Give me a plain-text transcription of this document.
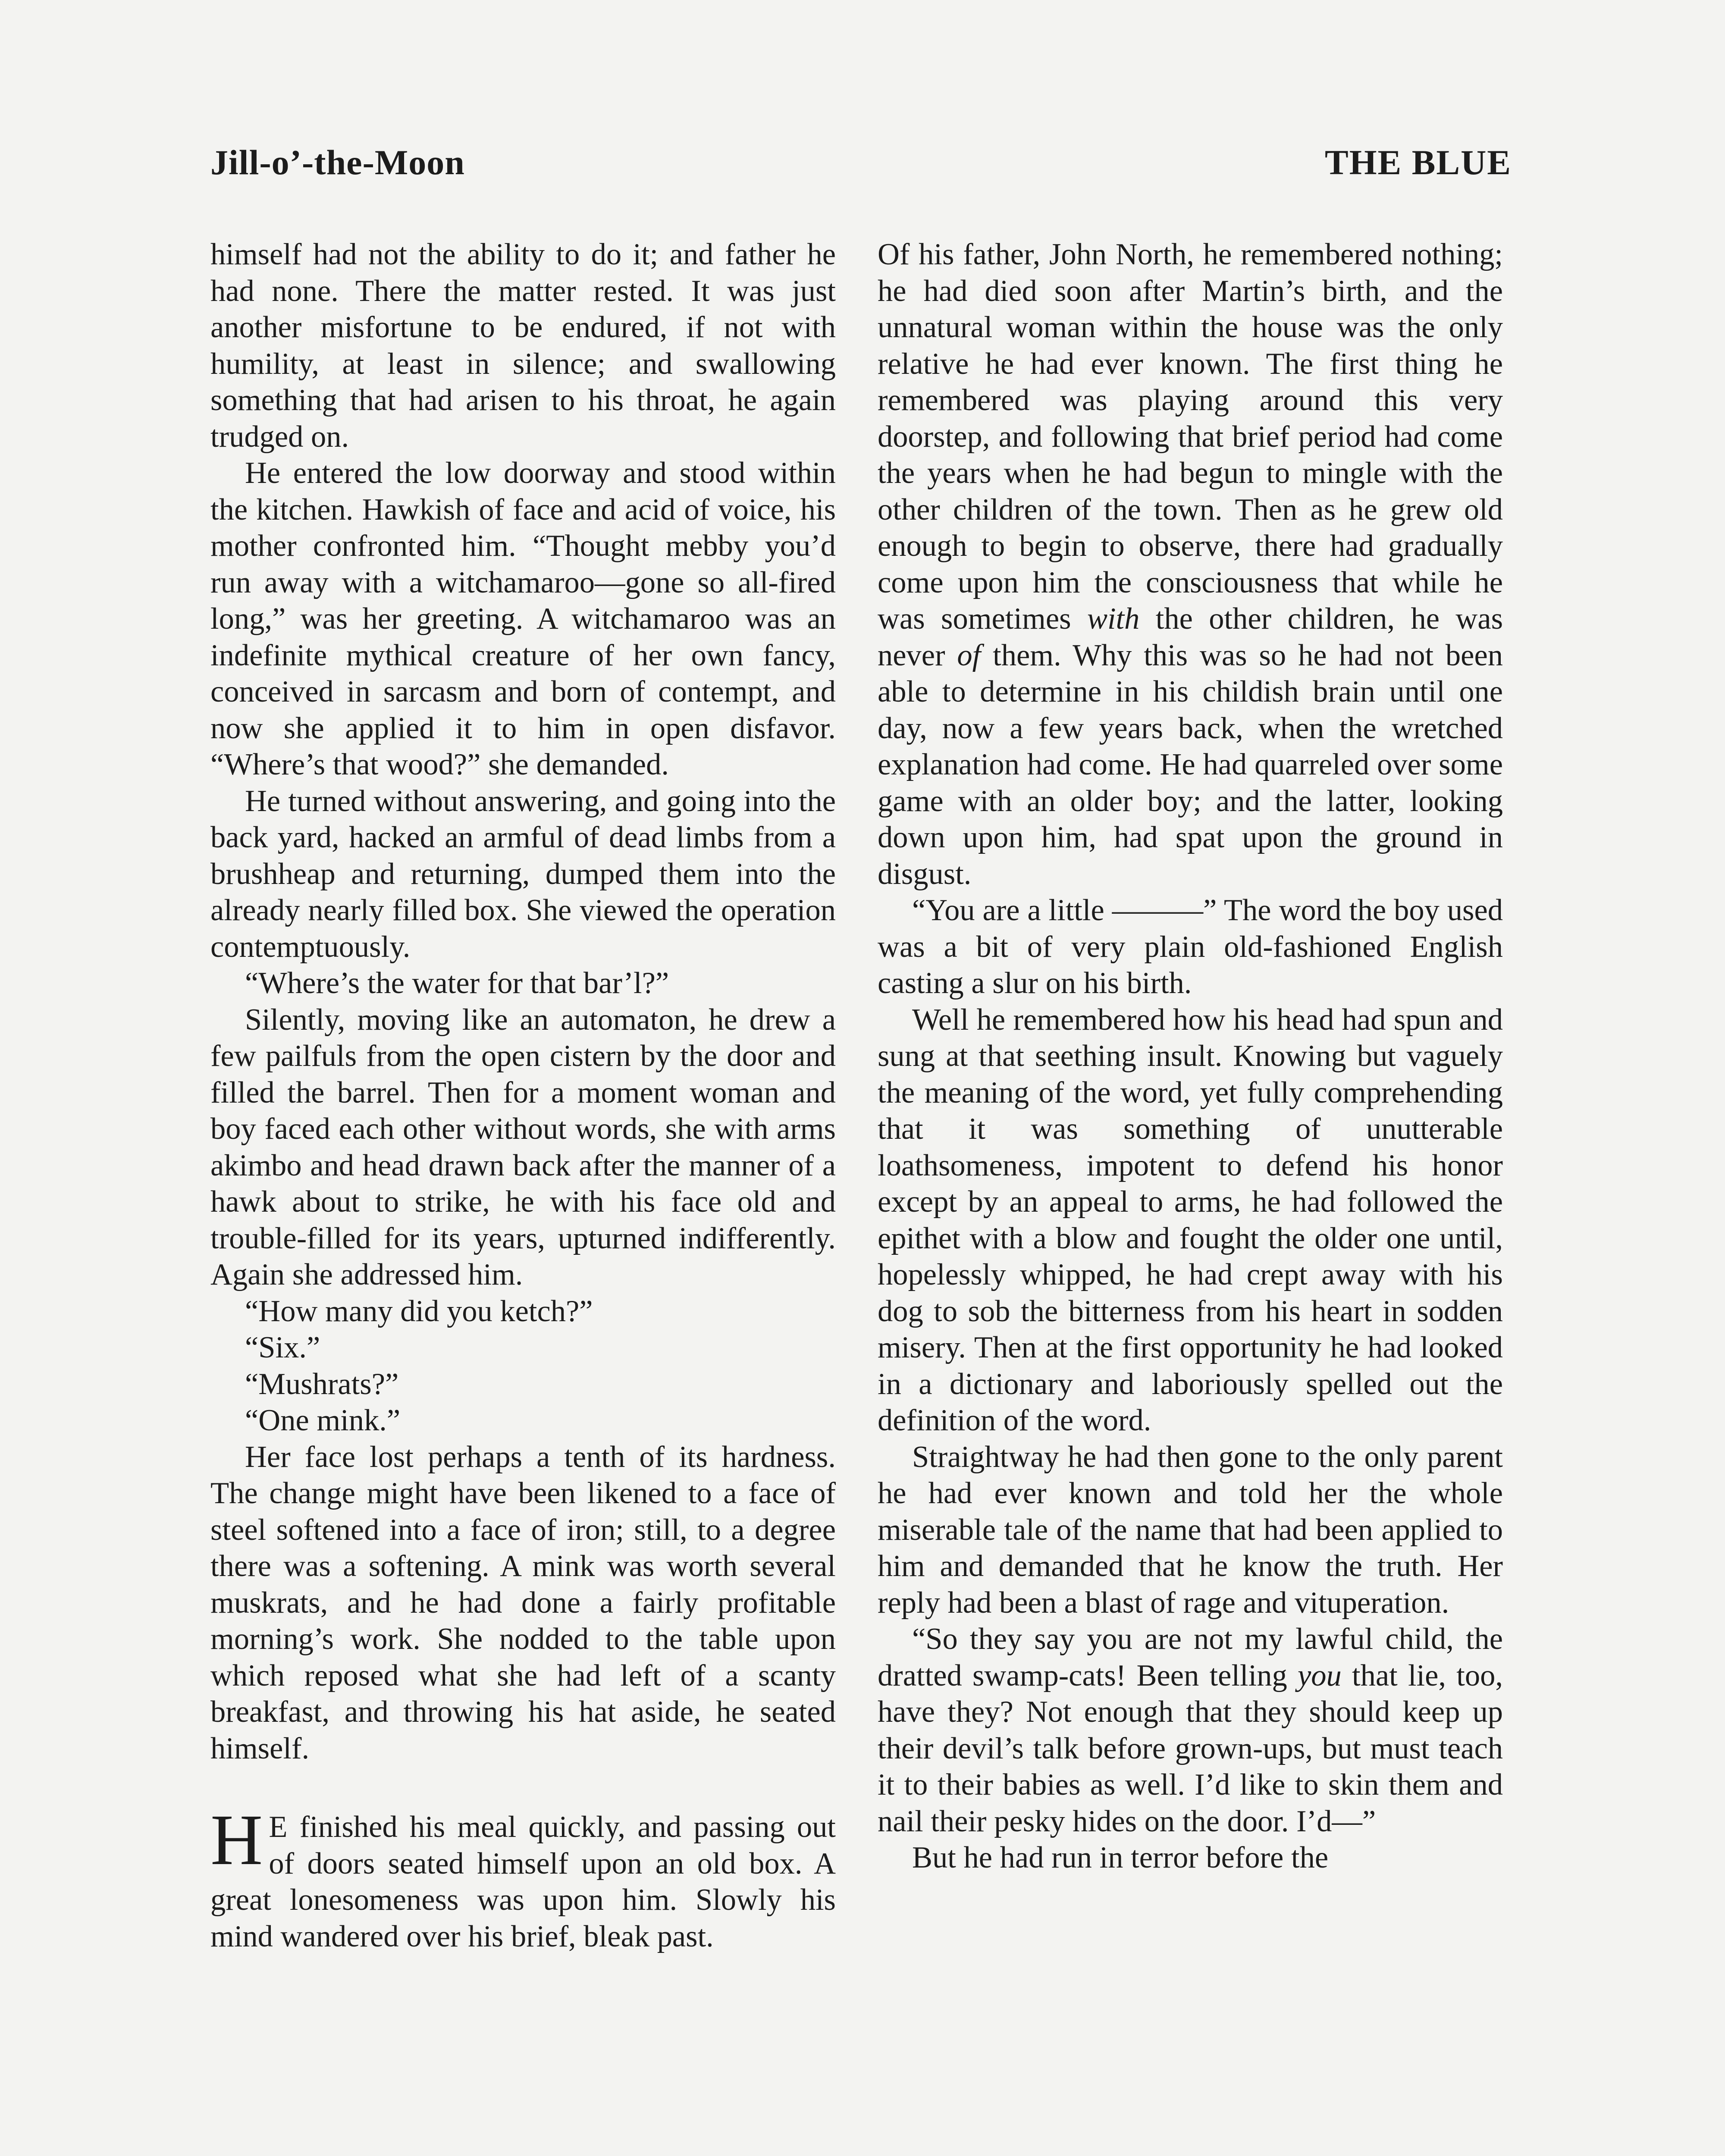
Jill-o’-the-Moon	THE BLUE

himself had not the ability to do it; and father he had none. There the matter rested. It was just another misfortune to be endured, if not with humility, at least in silence; and swallowing something that had arisen to his throat, he again trudged on.

He entered the low doorway and stood within the kitchen. Hawkish of face and acid of voice, his mother confronted him. “Thought mebby you’d run away with a witchamaroo—gone so all-fired long,” was her greeting. A witchamaroo was an indefinite mythical creature of her own fancy, conceived in sarcasm and born of contempt, and now she applied it to him in open disfavor. “Where’s that wood?” she demanded.

He turned without answering, and going into the back yard, hacked an armful of dead limbs from a brushheap and returning, dumped them into the already nearly filled box. She viewed the operation contemptuously.

“Where’s the water for that bar’l?”

Silently, moving like an automaton, he drew a few pailfuls from the open cistern by the door and filled the barrel. Then for a moment woman and boy faced each other without words, she with arms akimbo and head drawn back after the manner of a hawk about to strike, he with his face old and trouble-filled for its years, upturned indifferently. Again she addressed him.

“How many did you ketch?”

“Six.”

“Mushrats?”

“One mink.”

Her face lost perhaps a tenth of its hardness. The change might have been likened to a face of steel softened into a face of iron; still, to a degree there was a softening. A mink was worth several muskrats, and he had done a fairly profitable morning’s work. She nodded to the table upon which reposed what she had left of a scanty breakfast, and throwing his hat aside, he seated himself.

H E finished his meal quickly, and passing out of doors seated himself upon an old box. A great lonesomeness was upon him. Slowly his mind wandered over his brief, bleak past.

Of his father, John North, he remembered nothing; he had died soon after Martin’s birth, and the unnatural woman within the house was the only relative he had ever known. The first thing he remembered was playing around this very doorstep, and following that brief period had come the years when he had begun to mingle with the other children of the town. Then as he grew old enough to begin to observe, there had gradually come upon him the consciousness that while he was sometimes with the other children, he was never of them. Why this was so he had not been able to determine in his childish brain until one day, now a few years back, when the wretched explanation had come. He had quarreled over some game with an older boy; and the latter, looking down upon him, had spat upon the ground in disgust.

“You are a little ———” The word the boy used was a bit of very plain old-fashioned English casting a slur on his birth.

Well he remembered how his head had spun and sung at that seething insult. Knowing but vaguely the meaning of the word, yet fully comprehending that it was something of unutterable loathsomeness, impotent to defend his honor except by an appeal to arms, he had followed the epithet with a blow and fought the older one until, hopelessly whipped, he had crept away with his dog to sob the bitterness from his heart in sodden misery. Then at the first opportunity he had looked in a dictionary and laboriously spelled out the definition of the word.

Straightway he had then gone to the only parent he had ever known and told her the whole miserable tale of the name that had been applied to him and demanded that he know the truth. Her reply had been a blast of rage and vituperation.

“So they say you are not my lawful child, the dratted swamp-cats! Been telling you that lie, too, have they? Not enough that they should keep up their devil’s talk before grown-ups, but must teach it to their babies as well. I’d like to skin them and nail their pesky hides on the door. I’d—”

But he had run in terror before the
